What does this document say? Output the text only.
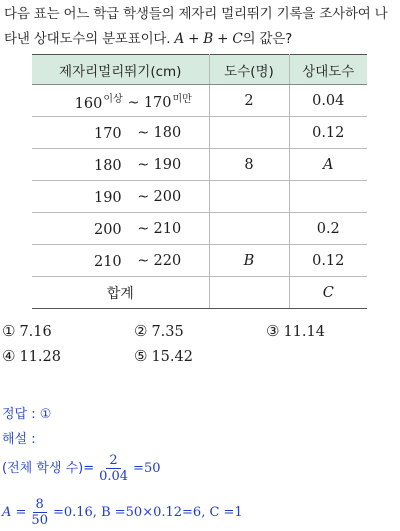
다음 표는 어느 학급 학생들의 제자리 멀리뛰기 기록을 조사하여 나
타낸 상대도수의 분포표이다. A + B + C의 값은?
제자리멀리뛰기(cm)	도수(명)	상대도수
$160^{이상}$ ~ $170^{미만}$	2	0.04
170 ~ 180		0.12
180 ~ 190	8	A
190 ~ 200		
200 ~ 210		0.2
210 ~ 220	B	0.12
합계		C
① 7.16	② 7.35	③ 11.14
④ 11.28	⑤ 15.42
정답 : ①
해설 :
(전체 학생 수)= $\frac{2}{0.04} =50$
$A = \frac{8}{50} =0.16$, B =50×0.12=6, C =1
